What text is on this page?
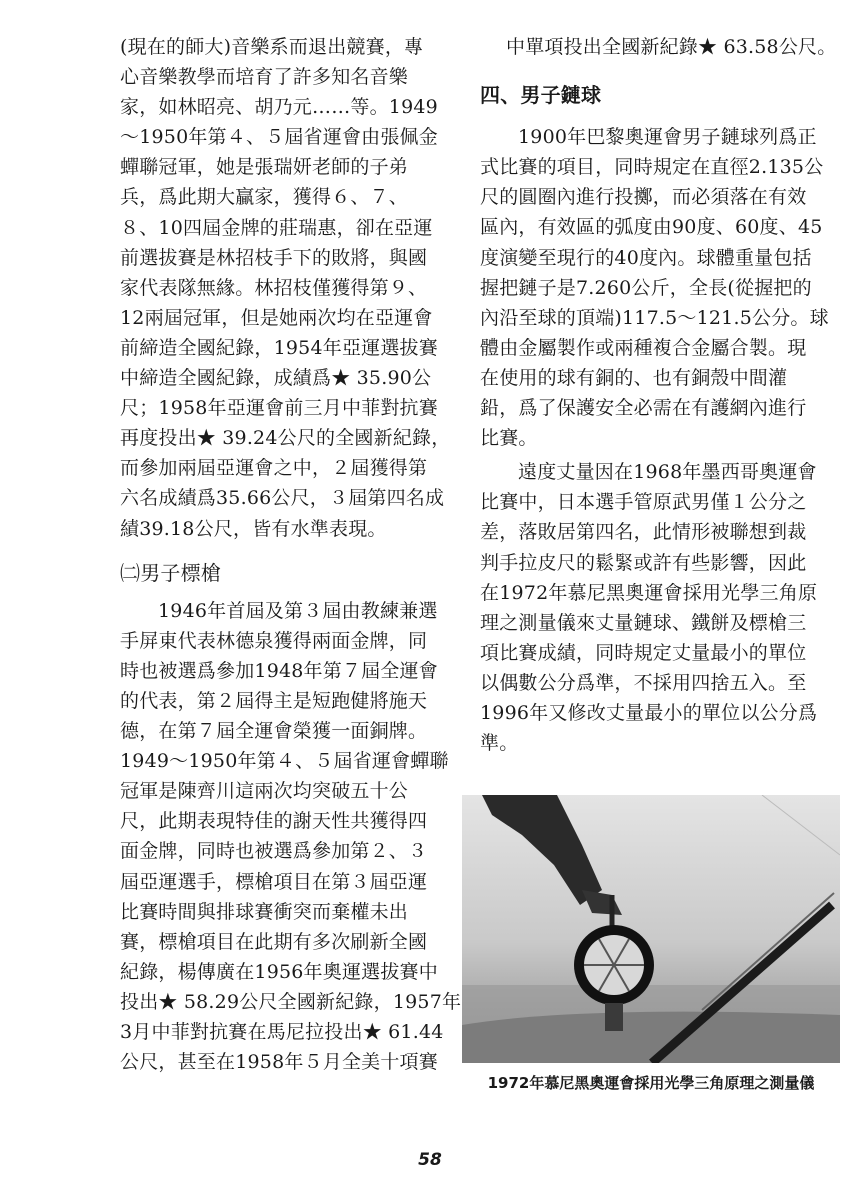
(現在的師大)音樂系而退出競賽，專
心音樂教學而培育了許多知名音樂
家，如林昭亮、胡乃元……等。1949
～1950年第４、５屆省運會由張佩金
蟬聯冠軍，她是張瑞妍老師的子弟
兵，爲此期大贏家，獲得６、７、
８、10四屆金牌的莊瑞惠，卻在亞運
前選拔賽是林招枝手下的敗將，與國
家代表隊無緣。林招枝僅獲得第９、
12兩屆冠軍，但是她兩次均在亞運會
前締造全國紀錄，1954年亞運選拔賽
中締造全國紀錄，成績爲★ 35.90公
尺；1958年亞運會前三月中菲對抗賽
再度投出★ 39.24公尺的全國新紀錄，
而參加兩屆亞運會之中，２屆獲得第
六名成績爲35.66公尺，３屆第四名成
績39.18公尺，皆有水準表現。
㈡男子標槍
1946年首屆及第３屆由教練兼選
手屏東代表林德泉獲得兩面金牌，同
時也被選爲參加1948年第７屆全運會
的代表，第２屆得主是短跑健將施天
德，在第７屆全運會榮獲一面銅牌。
1949～1950年第４、５屆省運會蟬聯
冠軍是陳齊川這兩次均突破五十公
尺，此期表現特佳的謝天性共獲得四
面金牌，同時也被選爲參加第２、３
屆亞運選手，標槍項目在第３屆亞運
比賽時間與排球賽衝突而棄權未出
賽，標槍項目在此期有多次刷新全國
紀錄，楊傳廣在1956年奧運選拔賽中
投出★ 58.29公尺全國新紀錄，1957年
3月中菲對抗賽在馬尼拉投出★ 61.44
公尺，甚至在1958年５月全美十項賽
中單項投出全國新紀錄★ 63.58公尺。
四、男子鏈球
1900年巴黎奧運會男子鏈球列爲正
式比賽的項目，同時規定在直徑2.135公
尺的圓圈內進行投擲，而必須落在有效
區內，有效區的弧度由90度、60度、45
度演變至現行的40度內。球體重量包括
握把鏈子是7.260公斤，全長(從握把的
內沿至球的頂端)117.5～121.5公分。球
體由金屬製作或兩種複合金屬合製。現
在使用的球有銅的、也有銅殼中間灌
鉛，爲了保護安全必需在有護網內進行
比賽。
遠度丈量因在1968年墨西哥奧運會
比賽中，日本選手管原武男僅１公分之
差，落敗居第四名，此情形被聯想到裁
判手拉皮尺的鬆緊或許有些影響，因此
在1972年慕尼黑奧運會採用光學三角原
理之測量儀來丈量鏈球、鐵餅及標槍三
項比賽成績，同時規定丈量最小的單位
以偶數公分爲準，不採用四捨五入。至
1996年又修改丈量最小的單位以公分爲
準。
1972年慕尼黑奧運會採用光學三角原理之測量儀
58
